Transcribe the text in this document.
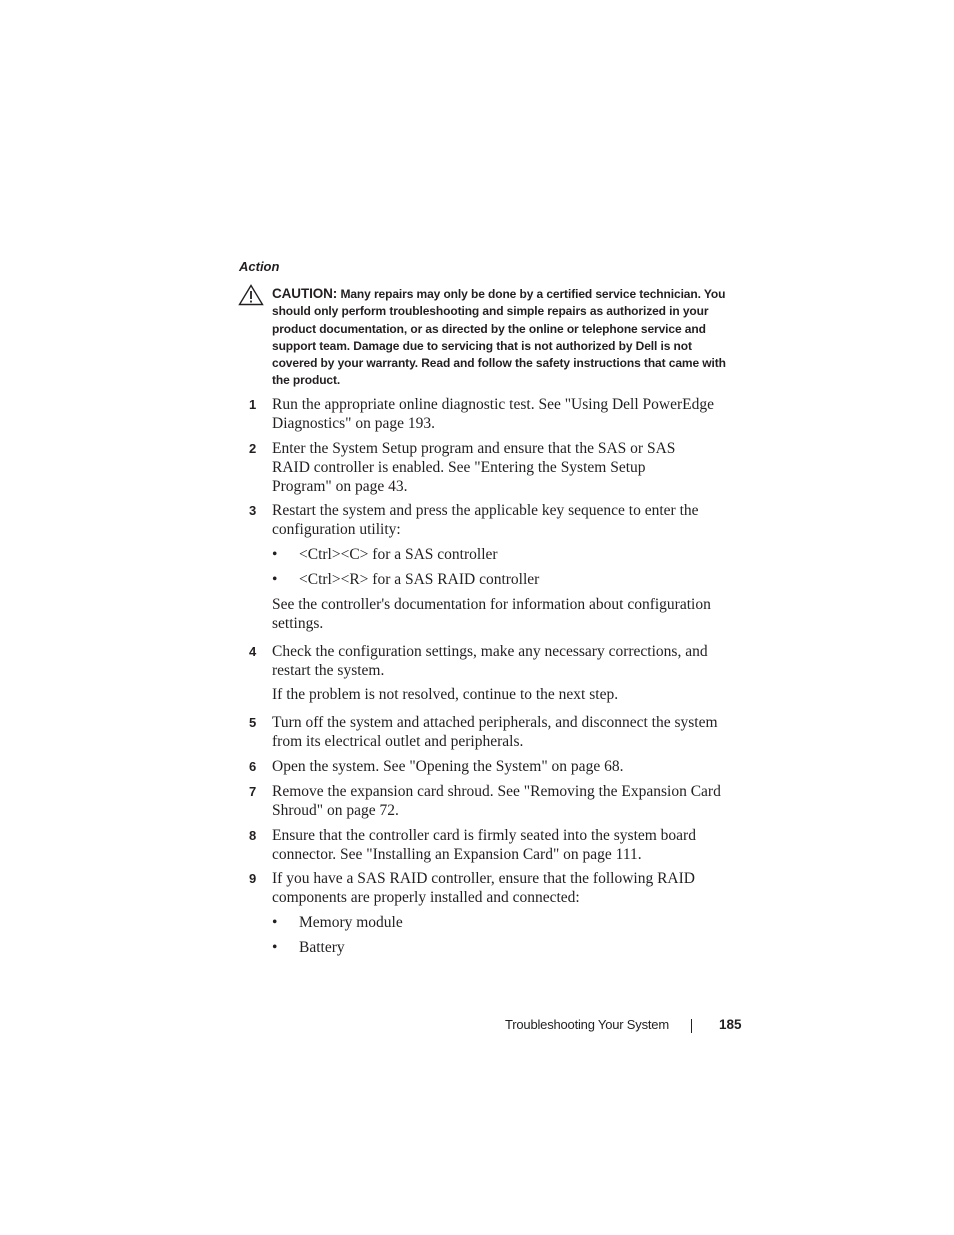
Action

CAUTION: Many repairs may only be done by a certified service technician. You should only perform troubleshooting and simple repairs as authorized in your product documentation, or as directed by the online or telephone service and support team. Damage due to servicing that is not authorized by Dell is not covered by your warranty. Read and follow the safety instructions that came with the product.

1 Run the appropriate online diagnostic test. See "Using Dell PowerEdge Diagnostics" on page 193.

2 Enter the System Setup program and ensure that the SAS or SAS RAID controller is enabled. See "Entering the System Setup Program" on page 43.

3 Restart the system and press the applicable key sequence to enter the configuration utility:

• <Ctrl><C> for a SAS controller

• <Ctrl><R> for a SAS RAID controller

See the controller's documentation for information about configuration settings.

4 Check the configuration settings, make any necessary corrections, and restart the system.

If the problem is not resolved, continue to the next step.

5 Turn off the system and attached peripherals, and disconnect the system from its electrical outlet and peripherals.

6 Open the system. See "Opening the System" on page 68.

7 Remove the expansion card shroud. See "Removing the Expansion Card Shroud" on page 72.

8 Ensure that the controller card is firmly seated into the system board connector. See "Installing an Expansion Card" on page 111.

9 If you have a SAS RAID controller, ensure that the following RAID components are properly installed and connected:

• Memory module

• Battery

Troubleshooting Your System	185
